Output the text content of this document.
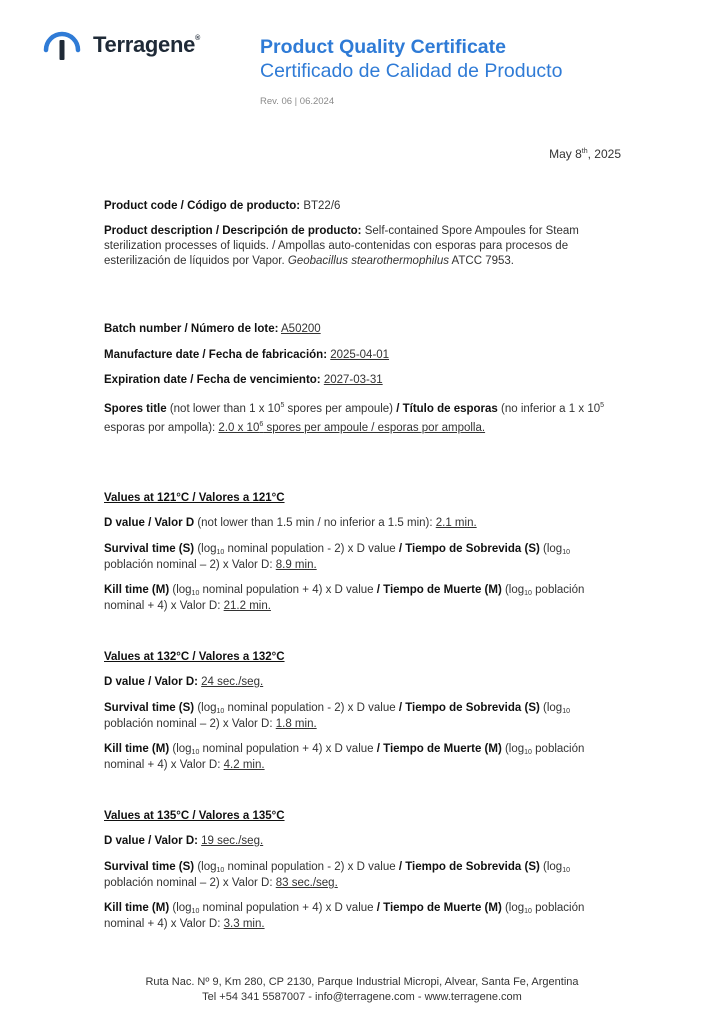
Terragene®	Product Quality Certificate
Certificado de Calidad de Producto
Rev. 06 | 06.2024
May 8th, 2025
Product code / Código de producto: BT22/6
Product description / Descripción de producto: Self-contained Spore Ampoules for Steam sterilization processes of liquids. / Ampollas auto-contenidas con esporas para procesos de esterilización de líquidos por Vapor. Geobacillus stearothermophilus ATCC 7953.
Batch number / Número de lote: A50200
Manufacture date / Fecha de fabricación: 2025-04-01
Expiration date / Fecha de vencimiento: 2027-03-31
Spores title (not lower than 1 x $10^5$ spores per ampoule) / Título de esporas (no inferior a 1 x $10^5$ esporas por ampolla): 2.0 x $10^6$ spores per ampoule / esporas por ampolla.
Values at 121°C / Valores a 121°C
D value / Valor D (not lower than 1.5 min / no inferior a 1.5 min): 2.1 min.
Survival time (S) (log10 nominal population - 2) x D value / Tiempo de Sobrevida (S) (log10 población nominal – 2) x Valor D: 8.9 min.
Kill time (M) (log10 nominal population + 4) x D value / Tiempo de Muerte (M) (log10 población nominal + 4) x Valor D: 21.2 min.
Values at 132°C / Valores a 132°C
D value / Valor D: 24 sec./seg.
Survival time (S) (log10 nominal population - 2) x D value / Tiempo de Sobrevida (S) (log10 población nominal – 2) x Valor D: 1.8 min.
Kill time (M) (log10 nominal population + 4) x D value / Tiempo de Muerte (M) (log10 población nominal + 4) x Valor D: 4.2 min.
Values at 135°C / Valores a 135°C
D value / Valor D: 19 sec./seg.
Survival time (S) (log10 nominal population - 2) x D value / Tiempo de Sobrevida (S) (log10 población nominal – 2) x Valor D: 83 sec./seg.
Kill time (M) (log10 nominal population + 4) x D value / Tiempo de Muerte (M) (log10 población nominal + 4) x Valor D: 3.3 min.
Ruta Nac. Nº 9, Km 280, CP 2130, Parque Industrial Micropi, Alvear, Santa Fe, Argentina
Tel +54 341 5587007 - info@terragene.com - www.terragene.com
